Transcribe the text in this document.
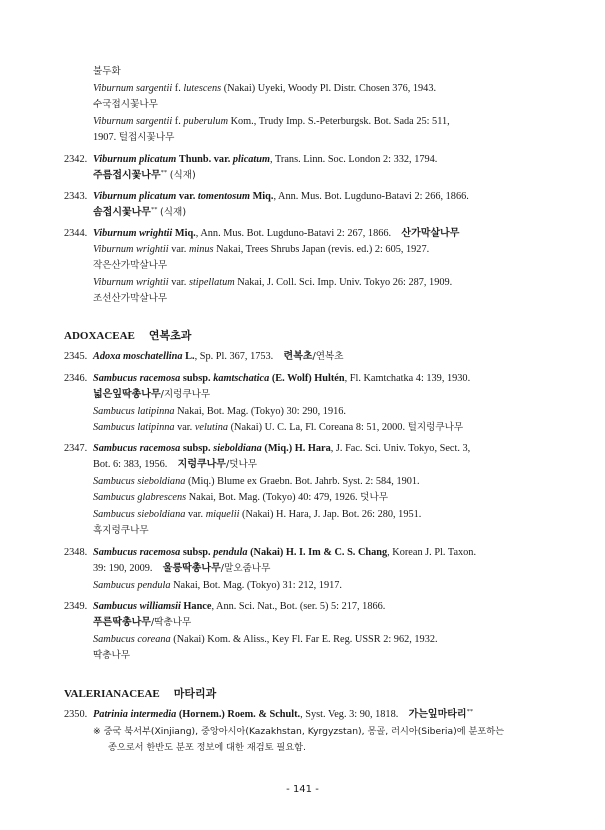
불두화
Viburnum sargentii f. lutescens (Nakai) Uyeki, Woody Pl. Distr. Chosen 376, 1943.
수국접시꽃나무
Viburnum sargentii f. puberulum Kom., Trudy Imp. S.-Peterburgsk. Bot. Sada 25: 511,
1907. 털접시꽃나무
2342. Viburnum plicatum Thunb. var. plicatum, Trans. Linn. Soc. London 2: 332, 1794.
주름접시꽃나무** (식재)
2343. Viburnum plicatum var. tomentosum Miq., Ann. Mus. Bot. Lugduno-Batavi 2: 266, 1866.
솜접시꽃나무** (식재)
2344. Viburnum wrightii Miq., Ann. Mus. Bot. Lugduno-Batavi 2: 267, 1866.    산가막살나무
Viburnum wrightii var. minus Nakai, Trees Shrubs Japan (revis. ed.) 2: 605, 1927.
작은산가막살나무
Viburnum wrightii var. stipellatum Nakai, J. Coll. Sci. Imp. Univ. Tokyo 26: 287, 1909.
조선산가막살나무
ADOXACEAE 연복초과
2345. Adoxa moschatellina L., Sp. Pl. 367, 1753.    련복초/연복초
2346. Sambucus racemosa subsp. kamtschatica (E. Wolf) Hultén, Fl. Kamtchatka 4: 139, 1930.
넓은잎딱총나무/지렁쿠나무
Sambucus latipinna Nakai, Bot. Mag. (Tokyo) 30: 290, 1916.
Sambucus latipinna var. velutina (Nakai) U. C. La, Fl. Coreana 8: 51, 2000. 털지렁쿠나무
2347. Sambucus racemosa subsp. sieboldiana (Miq.) H. Hara, J. Fac. Sci. Univ. Tokyo, Sect. 3,
Bot. 6: 383, 1956.    지렁쿠나무/덧나무
Sambucus sieboldiana (Miq.) Blume ex Graebn. Bot. Jahrb. Syst. 2: 584, 1901.
Sambucus glabrescens Nakai, Bot. Mag. (Tokyo) 40: 479, 1926. 덧나무
Sambucus sieboldiana var. miquelii (Nakai) H. Hara, J. Jap. Bot. 26: 280, 1951.
흑지렁쿠나무
2348. Sambucus racemosa subsp. pendula (Nakai) H. I. Im & C. S. Chang, Korean J. Pl. Taxon.
39: 190, 2009.    울릉딱총나무/말오줌나무
Sambucus pendula Nakai, Bot. Mag. (Tokyo) 31: 212, 1917.
2349. Sambucus williamsii Hance, Ann. Sci. Nat., Bot. (ser. 5) 5: 217, 1866.
푸른딱총나무/딱총나무
Sambucus coreana (Nakai) Kom. & Aliss., Key Fl. Far E. Reg. USSR 2: 962, 1932.
딱총나무
VALERIANACEAE 마타리과
2350. Patrinia intermedia (Hornem.) Roem. & Schult., Syst. Veg. 3: 90, 1818.    가는잎마타리**
※ 중국 북서부(Xinjiang), 중앙아시아(Kazakhstan, Kyrgyzstan), 몽골, 러시아(Siberia)에 분포하는
종으로서 한반도 분포 정보에 대한 재검토 필요함.
- 141 -
